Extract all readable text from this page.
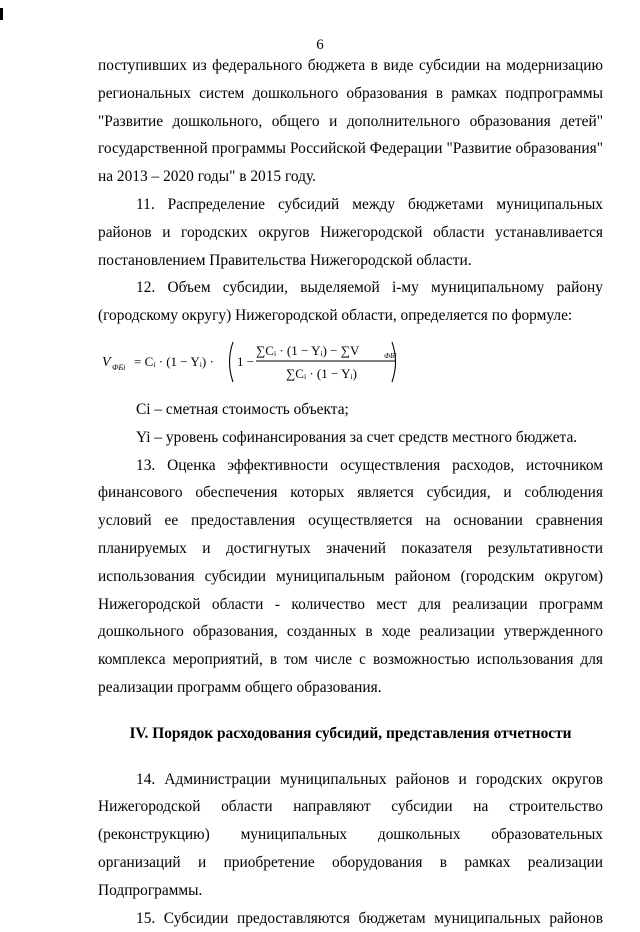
6

поступивших из федерального бюджета в виде субсидии на модернизацию региональных систем дошкольного образования в рамках подпрограммы "Развитие дошкольного, общего и дополнительного образования детей" государственной программы Российской Федерации "Развитие образования" на 2013 – 2020 годы" в 2015 году.

11. Распределение субсидий между бюджетами муниципальных районов и городских округов Нижегородской области устанавливается постановлением Правительства Нижегородской области.

12. Объем субсидии, выделяемой i-му муниципальному району (городскому округу) Нижегородской области, определяется по формуле:

V ФБi = Cᵢ · (1 − Yᵢ) · 1 −
∑Cᵢ · (1 − Yᵢ) − ∑V	ФБi
∑Cᵢ · (1 − Yᵢ)

Ci – сметная стоимость объекта;

Yi – уровень софинансирования за счет средств местного бюджета.

13. Оценка эффективности осуществления расходов, источником финансового обеспечения которых является субсидия, и соблюдения условий ее предоставления осуществляется на основании сравнения планируемых и достигнутых значений показателя результативности использования субсидии муниципальным районом (городским округом) Нижегородской области - количество мест для реализации программ дошкольного образования, созданных в ходе реализации утвержденного комплекса мероприятий, в том числе с возможностью использования для реализации программ общего образования.

IV. Порядок расходования субсидий, представления отчетности

14. Администрации муниципальных районов и городских округов Нижегородской области направляют субсидии на строительство (реконструкцию) муниципальных дошкольных образовательных организаций и приобретение оборудования в рамках реализации Подпрограммы.

15. Субсидии предоставляются бюджетам муниципальных районов
